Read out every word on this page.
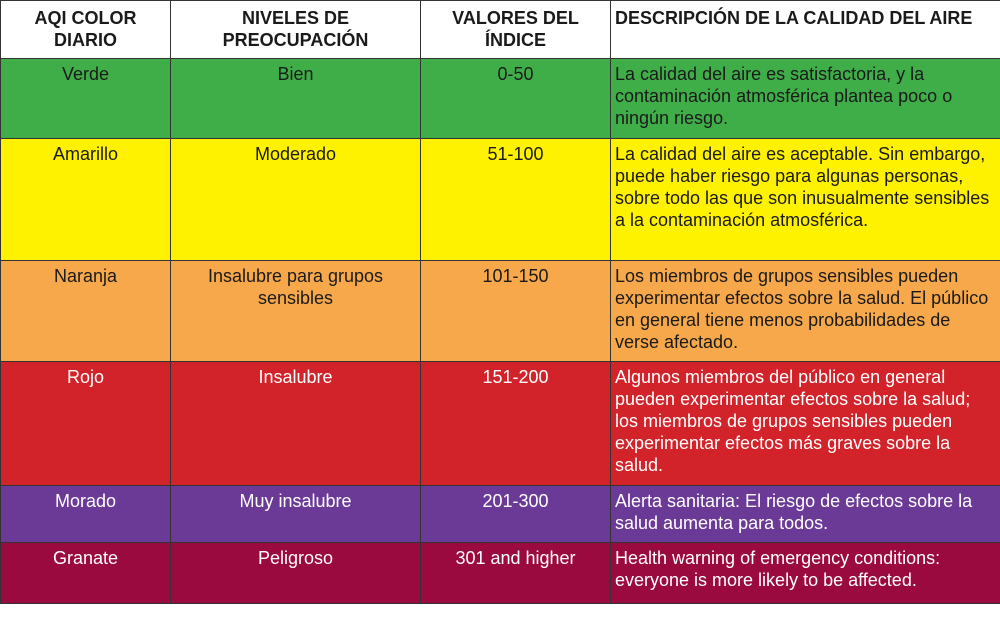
AQI COLOR DIARIO	NIVELES DE PREOCUPACIÓN	VALORES DEL ÍNDICE	DESCRIPCIÓN DE LA CALIDAD DEL AIRE
Verde	Bien	0-50	La calidad del aire es satisfactoria, y la contaminación atmosférica plantea poco o ningún riesgo.
Amarillo	Moderado	51-100	La calidad del aire es aceptable. Sin embargo, puede haber riesgo para algunas personas, sobre todo las que son inusualmente sensibles a la contaminación atmosférica.
Naranja	Insalubre para grupos sensibles	101-150	Los miembros de grupos sensibles pueden experimentar efectos sobre la salud. El público en general tiene menos probabilidades de verse afectado.
Rojo	Insalubre	151-200	Algunos miembros del público en general pueden experimentar efectos sobre la salud; los miembros de grupos sensibles pueden experimentar efectos más graves sobre la salud.
Morado	Muy insalubre	201-300	Alerta sanitaria: El riesgo de efectos sobre la salud aumenta para todos.
Granate	Peligroso	301 and higher	Health warning of emergency conditions: everyone is more likely to be affected.
